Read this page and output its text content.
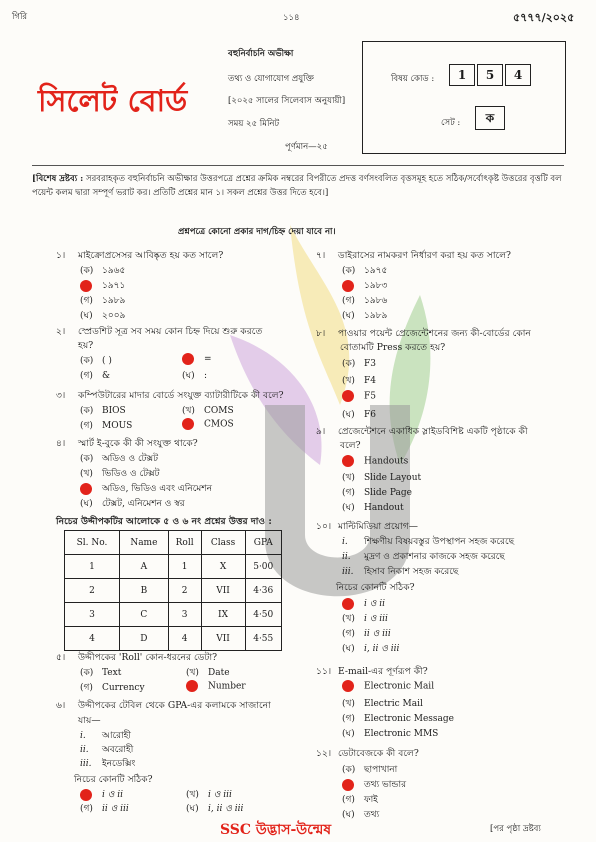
গিরি	১১৪	৫৭৭৭/২০২৫
সিলেট বোর্ড
বহুনির্বাচনি অভীক্ষা
তথ্য ও যোগাযোগ প্রযুক্তি
[২০২৫ সালের সিলেবাস অনুযায়ী]
সময় ২৫ মিনিট
পূর্ণমান—২৫
বিষয় কোড :	1	5	4
সেট :	ক
[বিশেষ দ্রষ্টব্য : সরবরাহকৃত বহুনির্বাচনি অভীক্ষার উত্তরপত্রে প্রশ্নের ক্রমিক নম্বরের বিপরীতে প্রদত্ত বর্ণসংবলিত বৃত্তসমূহ হতে সঠিক/সর্বোৎকৃষ্ট উত্তরের বৃত্তটি বল পয়েন্ট কলম দ্বারা সম্পূর্ণ ভরাট কর। প্রতিটি প্রশ্নের মান ১। সকল প্রশ্নের উত্তর দিতে হবে।]
প্রশ্নপত্রে কোনো প্রকার দাগ/চিহ্ন দেয়া যাবে না।
১। মাইক্রোপ্রসেসর আবিষ্কৃত হয় কত সালে?
(ক) ১৯৬৫
১৯৭১
(গ) ১৯৮৯
(ঘ) ২০০৯
২। স্প্রেডশিট সূত্র সব সময় কোন চিহ্ন দিয়ে শুরু করতে
হয়?
(ক) ( )	=
(গ) &	(ঘ) :
৩। কম্পিউটারের মাদার বোর্ডে সংযুক্ত ব্যাটারীটিকে কী বলে?
(ক) BIOS	(খ) COMS
(গ) MOUS	CMOS
৪। স্মার্ট ই-বুকে কী কী সংযুক্ত থাকে?
(ক) অডিও ও টেক্সট
(খ) ভিডিও ও টেক্সট
অডিও, ভিডিও এবং এনিমেশন
(ঘ) টেক্সট, এনিমেশন ও স্বর
নিচের উদ্দীপকটির আলোকে ৫ ও ৬ নং প্রশ্নের উত্তর দাও :
Sl. No.	Name	Roll	Class	GPA
1	A	1	X	5·00
2	B	2	VII	4·36
3	C	3	IX	4·50
4	D	4	VII	4·55
৫। উদ্দীপকের 'Roll' কোন-ধরনের ডেটা?
(ক) Text	(খ) Date
(গ) Currency	Number
৬। উদ্দীপকের টেবিল থেকে GPA-এর কলামকে সাজানো
যায়—
i. আরোহী
ii. অবরোহী
iii. ইনডেক্সিং
নিচের কোনটি সঠিক?
i ও ii	(খ) i ও iii
(গ) ii ও iii	(ঘ) i, ii ও iii
৭। ডাইরাসের নামকরণ নির্ধারণ করা হয় কত সালে?
(ক) ১৯৭৫
১৯৮৩
(গ) ১৯৮৬
(ঘ) ১৯৮৯
৮। পাওয়ার পয়েন্ট প্রেজেন্টেশনের জন্য কী-বোর্ডের কোন
বোতামটি Press করতে হয়?
(ক) F3
(খ) F4
F5
(ঘ) F6
৯। প্রেজেন্টেশনে একাধিক স্লাইডবিশিষ্ট একটি পৃষ্ঠাকে কী
বলে?
Handouts
(খ) Slide Layout
(গ) Slide Page
(ঘ) Handout
১০। মাল্টিমিডিয়া প্রয়োগ—
i. শিক্ষণীয় বিষয়বস্তুর উপস্থাপন সহজ করেছে
ii. মুদ্রণ ও প্রকাশনার কাজকে সহজ করেছে
iii. হিসাব নিকাশ সহজ করেছে
নিচের কোনটি সঠিক?
i ও ii
(খ) i ও iii
(গ) ii ও iii
(ঘ) i, ii ও iii
১১। E-mail-এর পূর্ণরূপ কী?
Electronic Mail
(খ) Electric Mail
(গ) Electronic Message
(ঘ) Electronic MMS
১২। ডেটাবেজকে কী বলে?
(ক) ছাপাখানা
তথ্য ভান্ডার
(গ) ফাই
(ঘ) তথ্য
SSC উদ্ভাস-উন্মেষ	[পর পৃষ্ঠা দ্রষ্টব্য
